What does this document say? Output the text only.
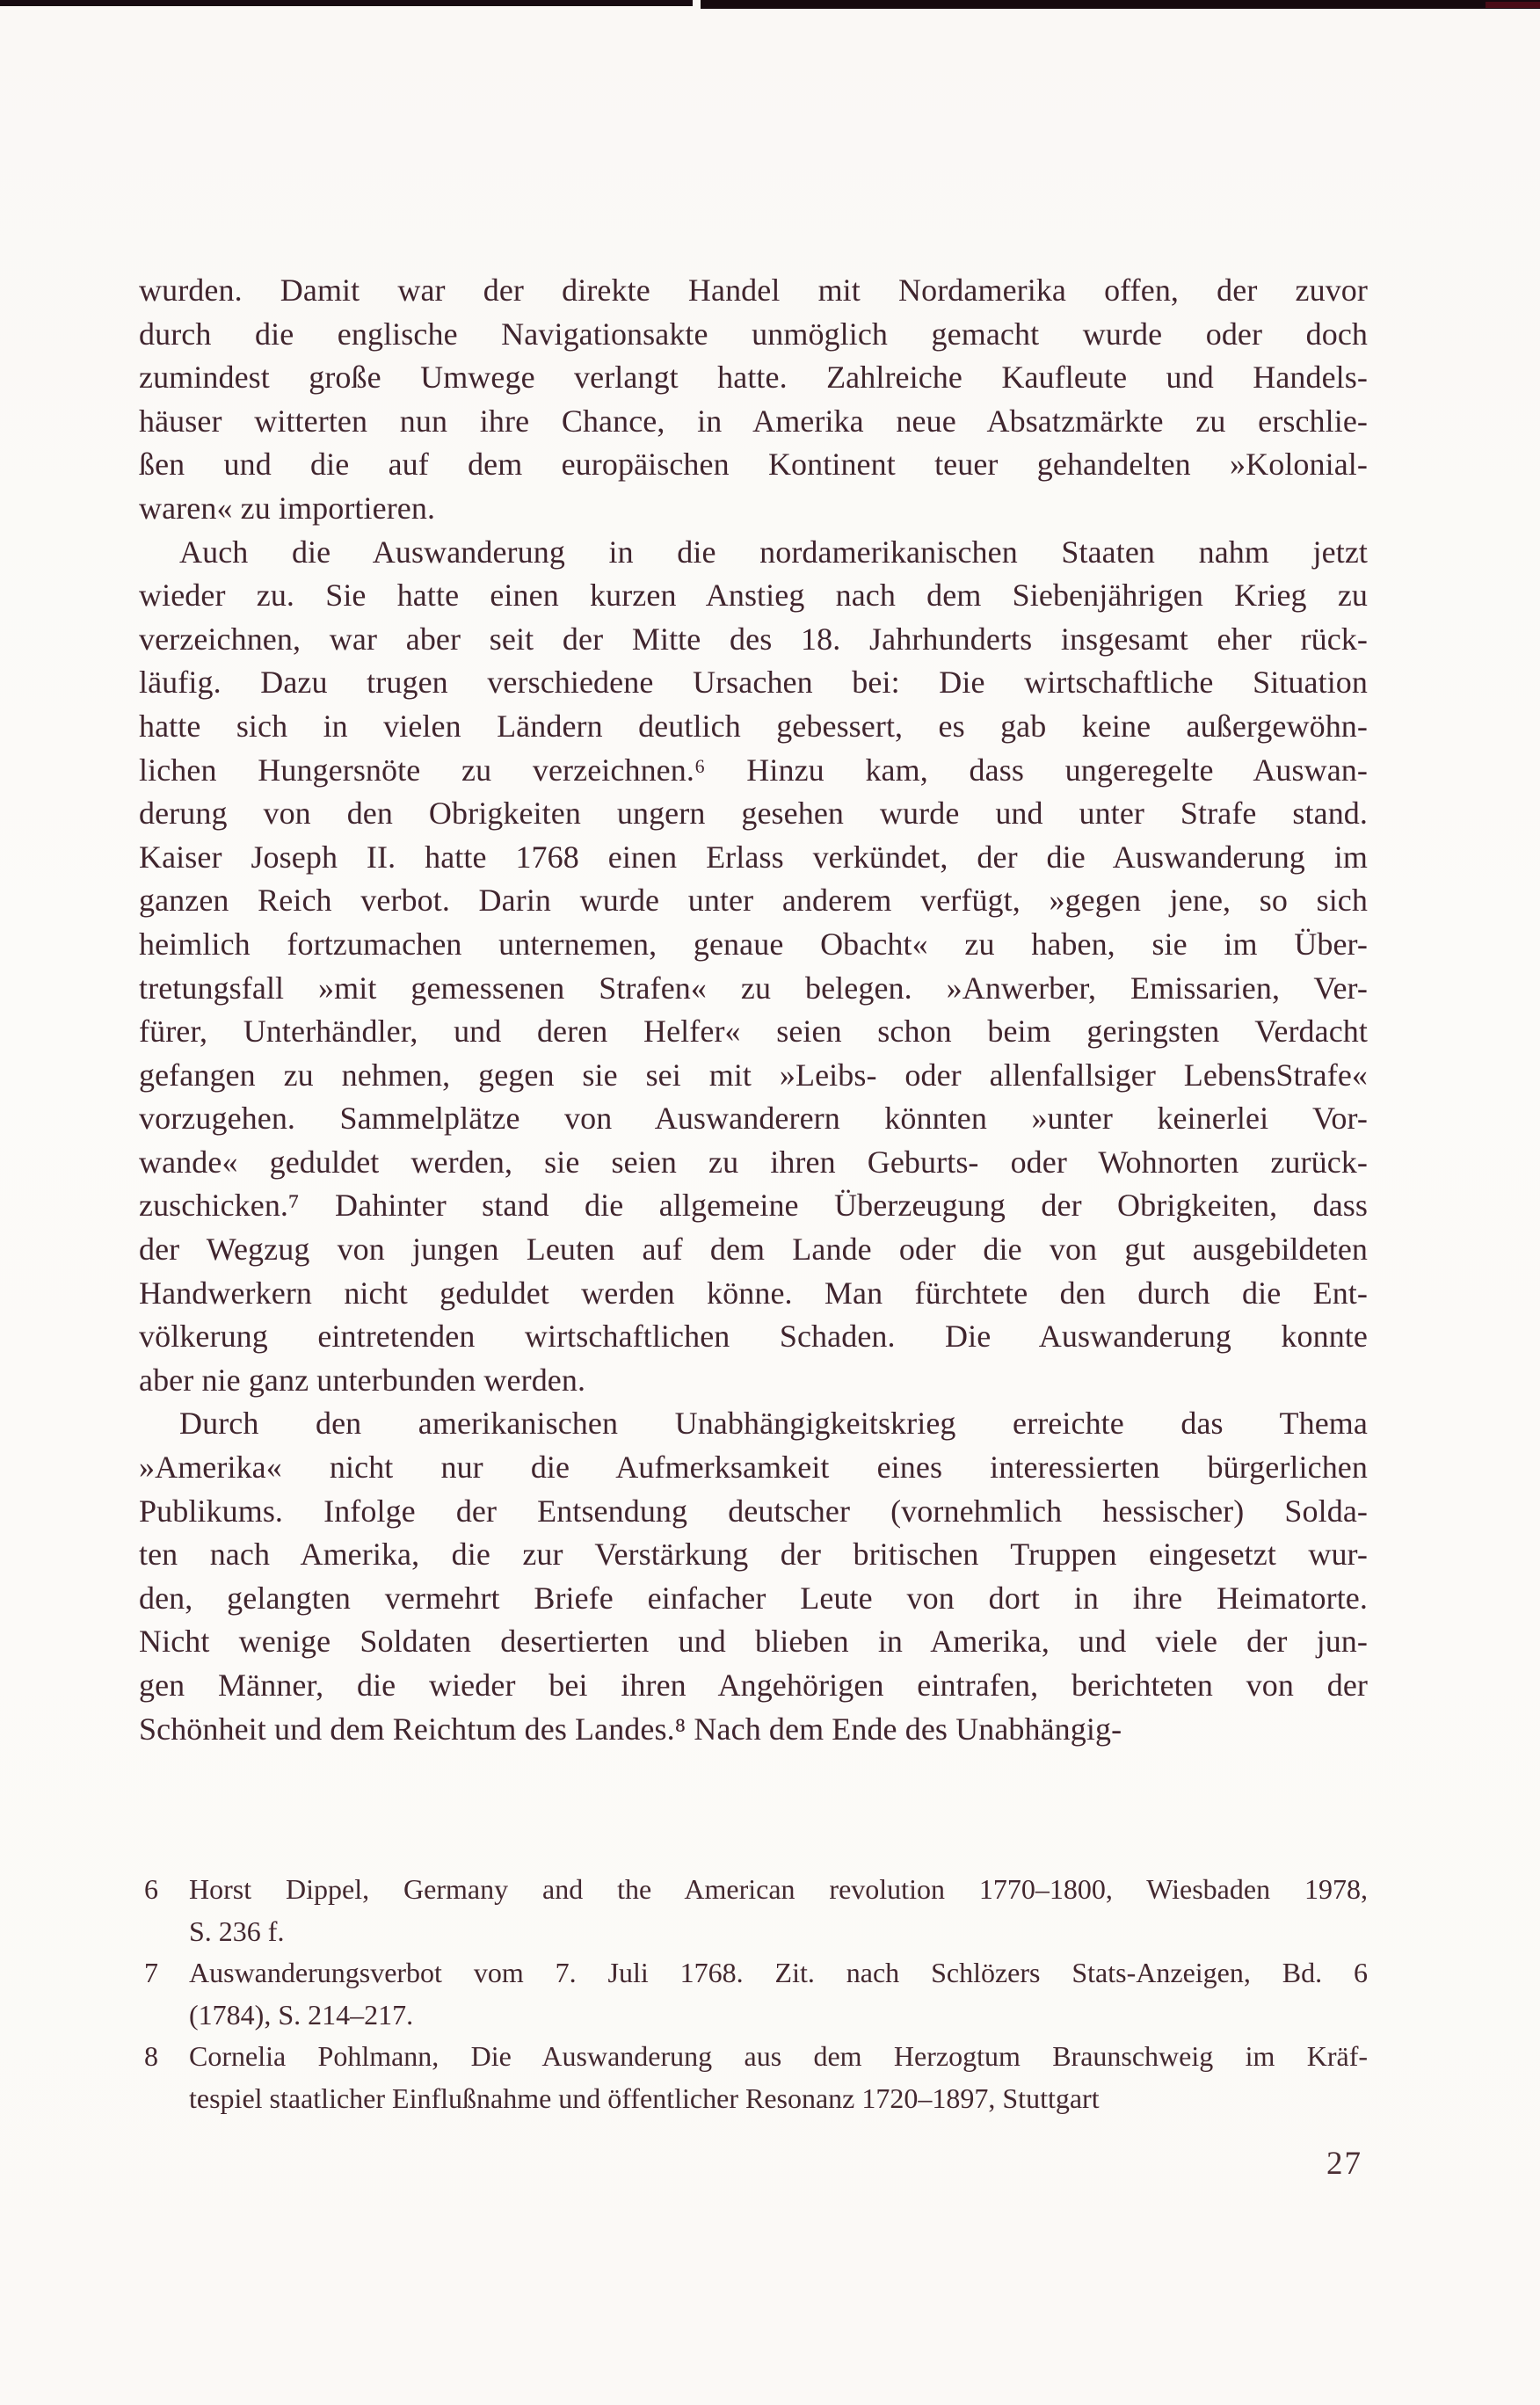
wurden. Damit war der direkte Handel mit Nordamerika offen, der zuvor
durch die englische Navigationsakte unmöglich gemacht wurde oder doch
zumindest große Umwege verlangt hatte. Zahlreiche Kaufleute und Handels-
häuser witterten nun ihre Chance, in Amerika neue Absatzmärkte zu erschlie-
ßen und die auf dem europäischen Kontinent teuer gehandelten »Kolonial-
waren« zu importieren.
Auch die Auswanderung in die nordamerikanischen Staaten nahm jetzt
wieder zu. Sie hatte einen kurzen Anstieg nach dem Siebenjährigen Krieg zu
verzeichnen, war aber seit der Mitte des 18. Jahrhunderts insgesamt eher rück-
läufig. Dazu trugen verschiedene Ursachen bei: Die wirtschaftliche Situation
hatte sich in vielen Ländern deutlich gebessert, es gab keine außergewöhn-
lichen Hungersnöte zu verzeichnen.⁶ Hinzu kam, dass ungeregelte Auswan-
derung von den Obrigkeiten ungern gesehen wurde und unter Strafe stand.
Kaiser Joseph II. hatte 1768 einen Erlass verkündet, der die Auswanderung im
ganzen Reich verbot. Darin wurde unter anderem verfügt, »gegen jene, so sich
heimlich fortzumachen unternemen, genaue Obacht« zu haben, sie im Über-
tretungsfall »mit gemessenen Strafen« zu belegen. »Anwerber, Emissarien, Ver-
fürer, Unterhändler, und deren Helfer« seien schon beim geringsten Verdacht
gefangen zu nehmen, gegen sie sei mit »Leibs- oder allenfallsiger LebensStrafe«
vorzugehen. Sammelplätze von Auswanderern könnten »unter keinerlei Vor-
wande« geduldet werden, sie seien zu ihren Geburts- oder Wohnorten zurück-
zuschicken.⁷ Dahinter stand die allgemeine Überzeugung der Obrigkeiten, dass
der Wegzug von jungen Leuten auf dem Lande oder die von gut ausgebildeten
Handwerkern nicht geduldet werden könne. Man fürchtete den durch die Ent-
völkerung eintretenden wirtschaftlichen Schaden. Die Auswanderung konnte
aber nie ganz unterbunden werden.
Durch den amerikanischen Unabhängigkeitskrieg erreichte das Thema
»Amerika« nicht nur die Aufmerksamkeit eines interessierten bürgerlichen
Publikums. Infolge der Entsendung deutscher (vornehmlich hessischer) Solda-
ten nach Amerika, die zur Verstärkung der britischen Truppen eingesetzt wur-
den, gelangten vermehrt Briefe einfacher Leute von dort in ihre Heimatorte.
Nicht wenige Soldaten desertierten und blieben in Amerika, und viele der jun-
gen Männer, die wieder bei ihren Angehörigen eintrafen, berichteten von der
Schönheit und dem Reichtum des Landes.⁸ Nach dem Ende des Unabhängig-
6 Horst Dippel, Germany and the American revolution 1770–1800, Wiesbaden 1978,
S. 236 f.
7 Auswanderungsverbot vom 7. Juli 1768. Zit. nach Schlözers Stats-Anzeigen, Bd. 6
(1784), S. 214–217.
8 Cornelia Pohlmann, Die Auswanderung aus dem Herzogtum Braunschweig im Kräf-
tespiel staatlicher Einflußnahme und öffentlicher Resonanz 1720–1897, Stuttgart
27
